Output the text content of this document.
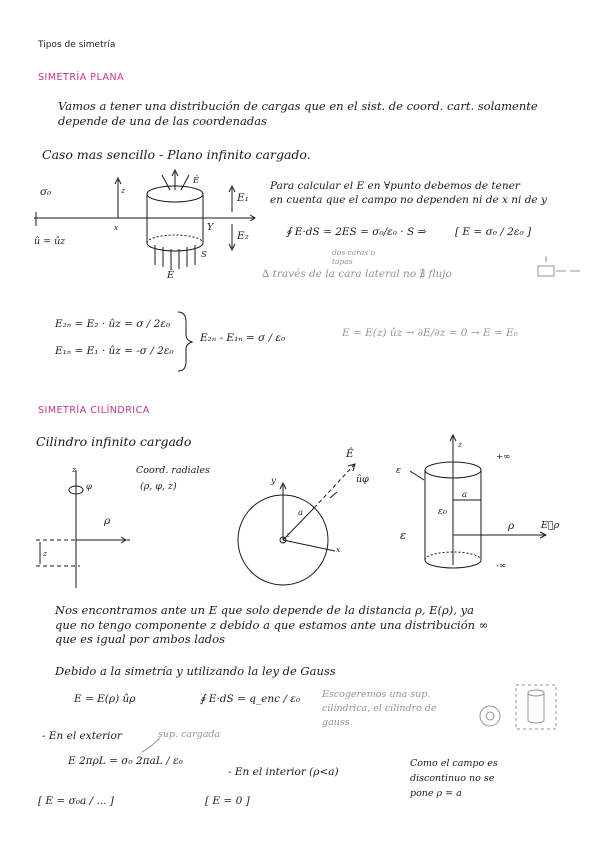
Tipos de simetría
SIMETRÍA PLANA
Vamos a tener una distribución de cargas que en el sist. de coord. cart. solamente
depende de una de las coordenadas
Caso mas sencillo - Plano infinito cargado.
σ₀	z
x	Y
û = ûz
Ê
E₁
E₂
Ē
S
Para calcular el E en ∀punto debemos de tener
en cuenta que el campo no dependen ni de x ni de y
∮ E·dS = 2ES = σ₀/ε₀ · S ⇒	[ E = σ₀ / 2ε₀ ]
dos caras o tapas
∆ través de la cara lateral no ∄ flujo
E₂ₙ = E₂ · ûz = σ / 2ε₀
E₁ₙ = E₁ · ûz = -σ / 2ε₀
E₂ₙ - E₁ₙ = σ / ε₀	E = E(z) ûz → ∂E/∂z = 0 → E = E₀
SIMETRÍA CILÍNDRICA
Cilindro infinito cargado
Coord. radiales
(ρ, φ, z)
z
φ
ρ
z
y
a
x
z
Ê
ûφ
z
+∞
-∞
ε
a
ε₀
ε
ρ	E⃗ρ
Nos encontramos ante un E que solo depende de la distancia ρ, E(ρ), ya
que no tengo componente z debido a que estamos ante una distribución ∞
que es igual por ambos lados
Debido a la simetría y utilizando la ley de Gauss
E = E(ρ) ûρ	∮ E·dS = q_enc / ε₀ Escogeremos una sup.
cilíndrica, el cilindro de
gauss
- En el exterior	sup. cargada
E 2πρL = σ₀ 2πaL / ε₀
- En el interior (ρ<a)
Como el campo es
discontinuo no se
pone ρ = a
[ E = σ₀a / ... ]	[ E = 0 ]
